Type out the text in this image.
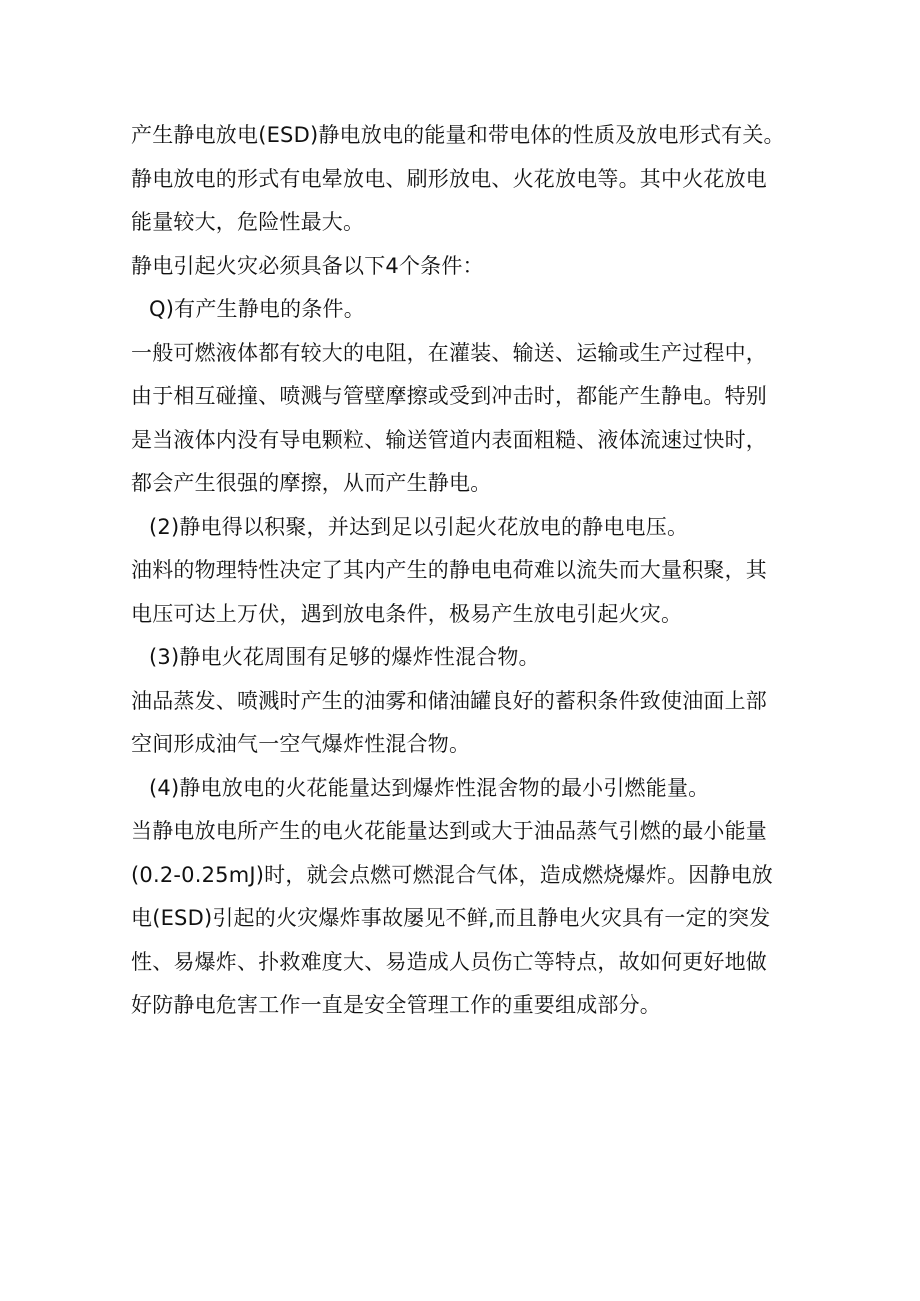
产生静电放电(ESD)静电放电的能量和带电体的性质及放电形式有关。
静电放电的形式有电晕放电、刷形放电、火花放电等。其中火花放电
能量较大，危险性最大。
静电引起火灾必须具备以下4个条件：
Q)有产生静电的条件。
一般可燃液体都有较大的电阻，在灌装、输送、运输或生产过程中，
由于相互碰撞、喷溅与管壁摩擦或受到冲击时，都能产生静电。特别
是当液体内没有导电颗粒、输送管道内表面粗糙、液体流速过快时，
都会产生很强的摩擦，从而产生静电。
(2)静电得以积聚，并达到足以引起火花放电的静电电压。
油料的物理特性决定了其内产生的静电电荷难以流失而大量积聚，其
电压可达上万伏，遇到放电条件，极易产生放电引起火灾。
(3)静电火花周围有足够的爆炸性混合物。
油品蒸发、喷溅时产生的油雾和储油罐良好的蓄积条件致使油面上部
空间形成油气一空气爆炸性混合物。
(4)静电放电的火花能量达到爆炸性混舍物的最小引燃能量。
当静电放电所产生的电火花能量达到或大于油品蒸气引燃的最小能量
(0.2-0.25mJ)时，就会点燃可燃混合气体，造成燃烧爆炸。因静电放
电(ESD)引起的火灾爆炸事故屡见不鲜,而且静电火灾具有一定的突发
性、易爆炸、扑救难度大、易造成人员伤亡等特点，故如何更好地做
好防静电危害工作一直是安全管理工作的重要组成部分。
